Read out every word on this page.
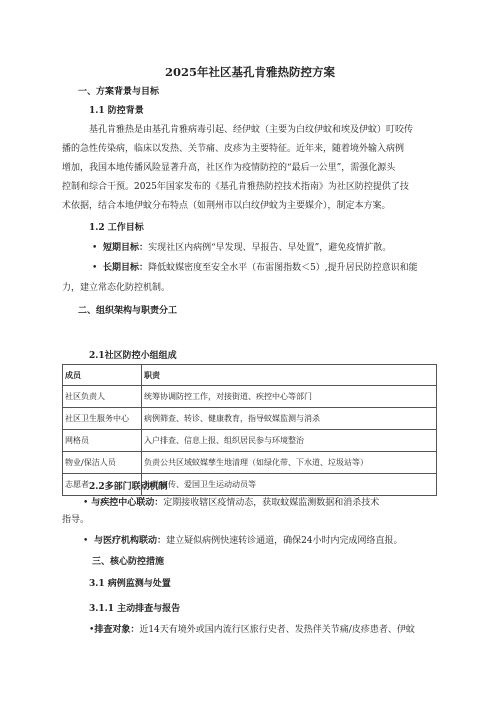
2025年社区基孔肯雅热防控方案
一、方案背景与目标
1.1 防控背景
基孔肯雅热是由基孔肯雅病毒引起、经伊蚊（主要为白纹伊蚊和埃及伊蚊）叮咬传
播的急性传染病，临床以发热、关节痛、皮疹为主要特征。近年来，随着境外输入病例
增加，我国本地传播风险显著升高，社区作为疫情防控的“最后一公里”，需强化源头
控制和综合干预。2025年国家发布的《基孔肯雅热防控技术指南》为社区防控提供了技
术依据，结合本地伊蚊分布特点（如荆州市以白纹伊蚊为主要媒介），制定本方案。
1.2 工作目标
• 短期目标：实现社区内病例“早发现、早报告、早处置”，避免疫情扩散。
• 长期目标：降低蚊媒密度至安全水平（布雷图指数＜5）,提升居民防控意识和能
力，建立常态化防控机制。
二、组织架构与职责分工
2.1社区防控小组组成
成员	职责
社区负责人	统筹协调防控工作，对接街道、疾控中心等部门
社区卫生服务中心	病例筛查、转诊、健康教育，指导蚊媒监测与消杀
网格员	入户排查、信息上报、组织居民参与环境整治
物业/保洁人员	负责公共区域蚊媒孳生地清理（如绿化带、下水道、垃圾站等）
志愿者	协助宣传、爱国卫生运动动员等
2.2多部门联动机制
• 与疾控中心联动：定期接收辖区疫情动态，获取蚊媒监测数据和消杀技术
指导。
• 与医疗机构联动：建立疑似病例快速转诊通道，确保24小时内完成网络直报。
三、核心防控措施
3.1 病例监测与处置
3.1.1 主动排查与报告
•排查对象：近14天有境外或国内流行区旅行史者、发热伴关节痛/皮疹患者、伊蚊
